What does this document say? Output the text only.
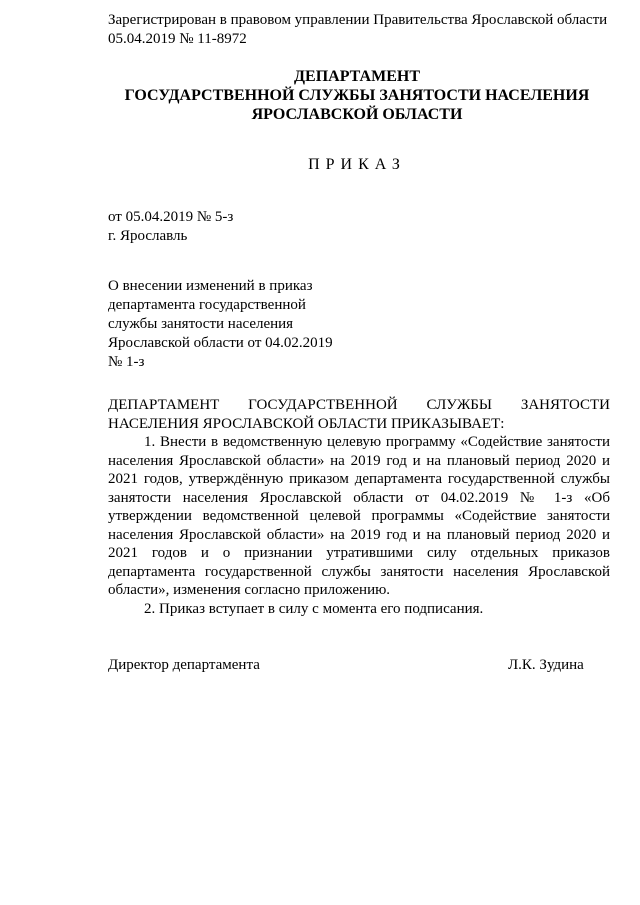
Зарегистрирован в правовом управлении Правительства Ярославской области
05.04.2019 № 11-8972
ДЕПАРТАМЕНТ
ГОСУДАРСТВЕННОЙ СЛУЖБЫ ЗАНЯТОСТИ НАСЕЛЕНИЯ
ЯРОСЛАВСКОЙ ОБЛАСТИ
ПРИКАЗ
от 05.04.2019 № 5-з
г. Ярославль
О внесении изменений в приказ
департамента государственной
службы занятости населения
Ярославской области от 04.02.2019
№ 1-з

ДЕПАРТАМЕНТ ГОСУДАРСТВЕННОЙ СЛУЖБЫ ЗАНЯТОСТИ НАСЕЛЕНИЯ ЯРОСЛАВСКОЙ ОБЛАСТИ ПРИКАЗЫВАЕТ:

1. Внести в ведомственную целевую программу «Содействие занятости населения Ярославской области» на 2019 год и на плановый период 2020 и 2021 годов, утверждённую приказом департамента государственной службы занятости населения Ярославской области от 04.02.2019 № 1-з «Об утверждении ведомственной целевой программы «Содействие занятости населения Ярославской области» на 2019 год и на плановый период 2020 и 2021 годов и о признании утратившими силу отдельных приказов департамента государственной службы занятости населения Ярославской области», изменения согласно приложению.

2. Приказ вступает в силу с момента его подписания.

Директор департамента	Л.К. Зудина
